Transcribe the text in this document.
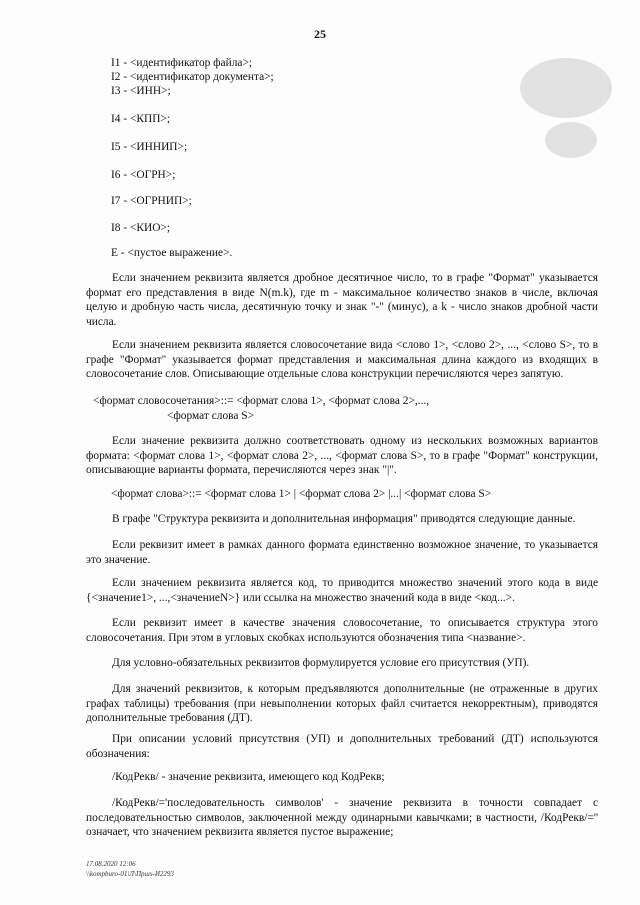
25
I1 - <идентификатор файла>;
I2 - <идентификатор документа>;
I3 - <ИНН>;
I4 - <КПП>;
I5 - <ИННИП>;
I6 - <ОГРН>;
I7 - <ОГРНИП>;
I8 - <КИО>;
E - <пустое выражение>.
Если значением реквизита является дробное десятичное число, то в графе "Формат" указывается формат его представления в виде N(m.k), где m - максимальное количество знаков в числе, включая целую и дробную часть числа, десятичную точку и знак "-" (минус), а k - число знаков дробной части числа.
Если значением реквизита является словосочетание вида <слово 1>, <слово 2>, ..., <слово S>, то в графе "Формат" указывается формат представления и максимальная длина каждого из входящих в словосочетание слов. Описывающие отдельные слова конструкции перечисляются через запятую.
<формат словосочетания>::= <формат слова 1>, <формат слова 2>,...,
<формат слова S>
Если значение реквизита должно соответствовать одному из нескольких возможных вариантов формата: <формат слова 1>, <формат слова 2>, ..., <формат слова S>, то в графе "Формат" конструкции, описывающие варианты формата, перечисляются через знак "|".
<формат слова>::= <формат слова 1> | <формат слова 2> |...| <формат слова S>
В графе "Структура реквизита и дополнительная информация" приводятся следующие данные.
Если реквизит имеет в рамках данного формата единственно возможное значение, то указывается это значение.
Если значением реквизита является код, то приводится множество значений этого кода в виде {<значение1>, ...,<значениеN>} или ссылка на множество значений кода в виде <код...>.
Если реквизит имеет в качестве значения словосочетание, то описывается структура этого словосочетания. При этом в угловых скобках используются обозначения типа <название>.
Для условно-обязательных реквизитов формулируется условие его присутствия (УП).
Для значений реквизитов, к которым предъявляются дополнительные (не отраженные в других графах таблицы) требования (при невыполнении которых файл считается некорректным), приводятся дополнительные требования (ДТ).
При описании условий присутствия (УП) и дополнительных требований (ДТ) используются обозначения:
/КодРекв/ - значение реквизита, имеющего код КодРекв;
/КодРекв/='последовательность символов' - значение реквизита в точности совпадает с последовательностью символов, заключенной между одинарными кавычками; в частности, /КодРекв/='' означает, что значением реквизита является пустое выражение;
17.08.2020 12:06
\\kompburo-01\Л\Пршs-И2293
